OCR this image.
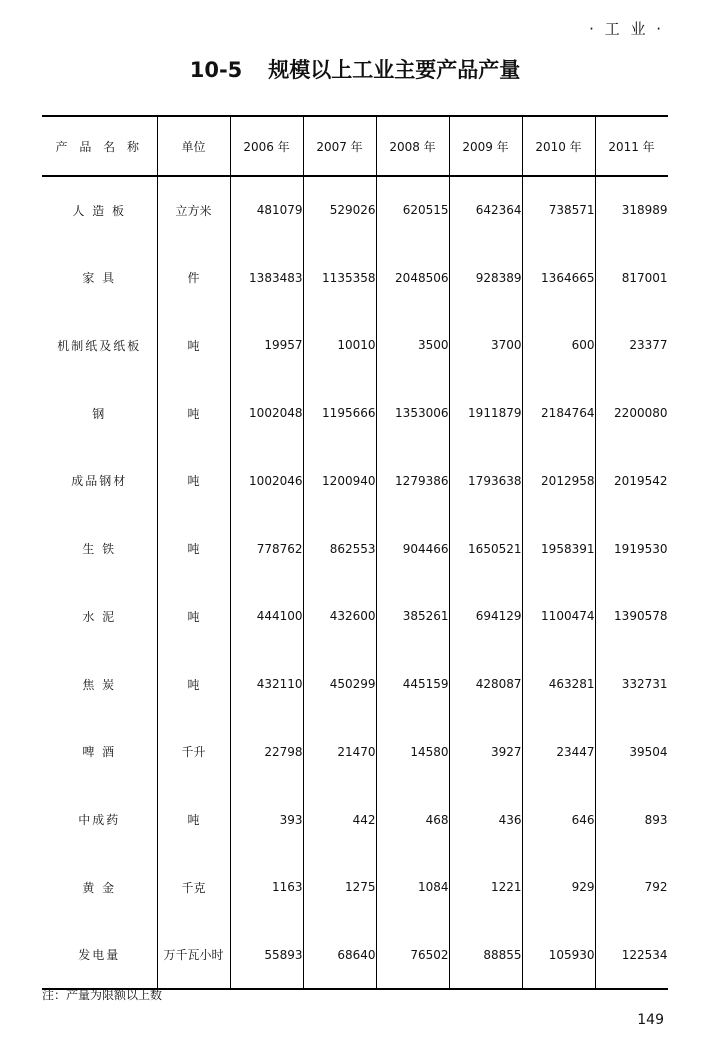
· 工 业 ·
10-5 规模以上工业主要产品产量
产 品 名 称	单位	2006 年	2007 年	2008 年	2009 年	2010 年	2011 年
人 造 板	立方米	481079	529026	620515	642364	738571	318989
家 具	件	1383483	1135358	2048506	928389	1364665	817001
机制纸及纸板	吨	19957	10010	3500	3700	600	23377
钢	吨	1002048	1195666	1353006	1911879	2184764	2200080
成品钢材	吨	1002046	1200940	1279386	1793638	2012958	2019542
生 铁	吨	778762	862553	904466	1650521	1958391	1919530
水 泥	吨	444100	432600	385261	694129	1100474	1390578
焦 炭	吨	432110	450299	445159	428087	463281	332731
啤 酒	千升	22798	21470	14580	3927	23447	39504
中成药	吨	393	442	468	436	646	893
黄 金	千克	1163	1275	1084	1221	929	792
发电量	万千瓦小时	55893	68640	76502	88855	105930	122534
注：产量为限额以上数
149
